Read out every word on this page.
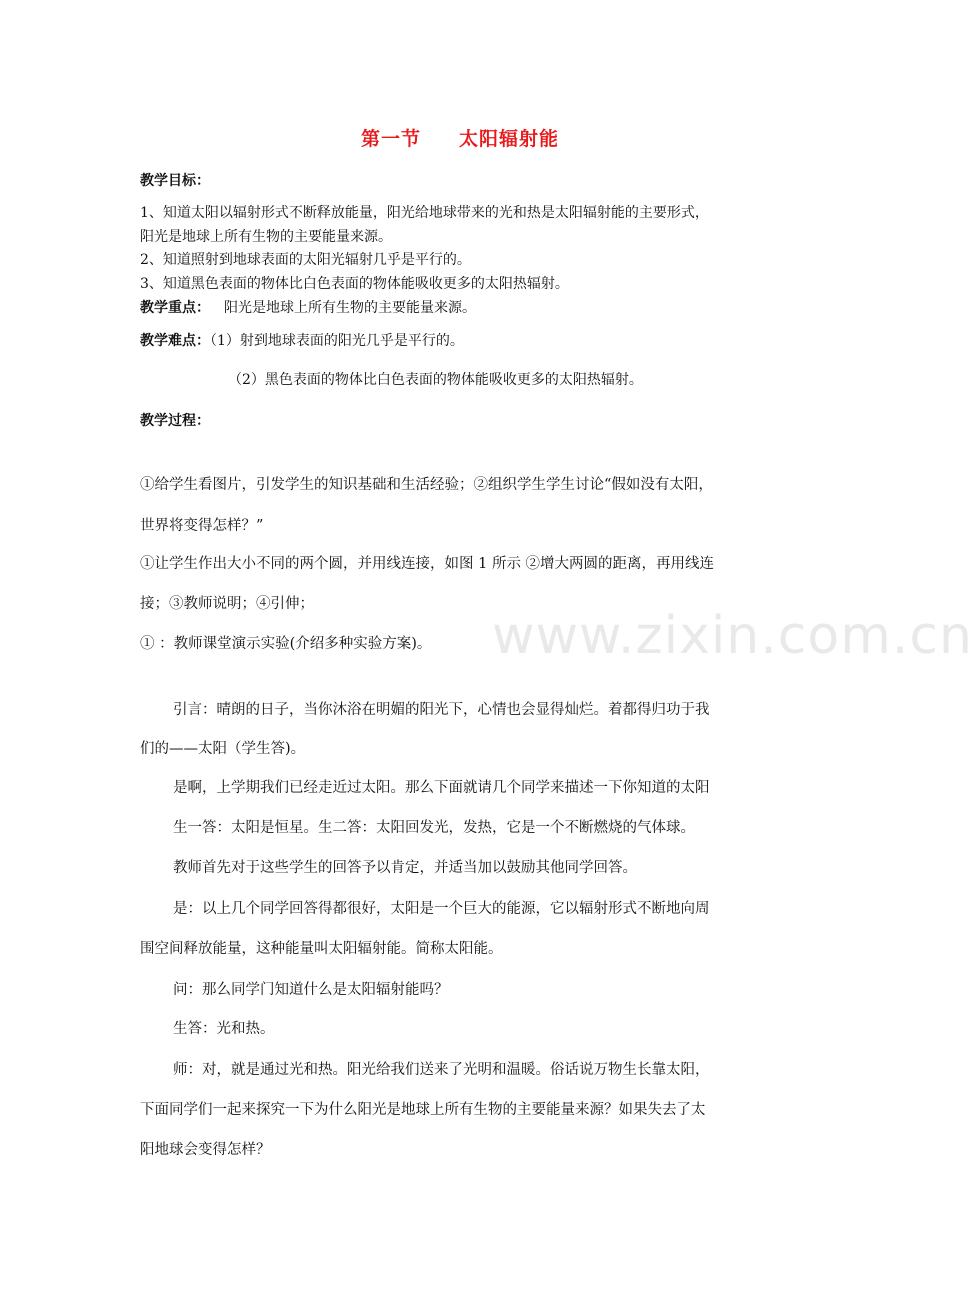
www.zixin.com.cn
第一节 太阳辐射能
教学目标：
1、知道太阳以辐射形式不断释放能量，阳光给地球带来的光和热是太阳辐射能的主要形式，
阳光是地球上所有生物的主要能量来源。
2、知道照射到地球表面的太阳光辐射几乎是平行的。
3、知道黑色表面的物体比白色表面的物体能吸收更多的太阳热辐射。
教学重点： 阳光是地球上所有生物的主要能量来源。
教学难点：（1）射到地球表面的阳光几乎是平行的。
（2）黑色表面的物体比白色表面的物体能吸收更多的太阳热辐射。
教学过程：
①给学生看图片，引发学生的知识基础和生活经验；②组织学生学生讨论“假如没有太阳，
世界将变得怎样？”
①让学生作出大小不同的两个圆，并用线连接，如图 1 所示 ②增大两圆的距离，再用线连
接；③教师说明；④引伸；
① ：教师课堂演示实验(介绍多种实验方案)。
引言：晴朗的日子，当你沐浴在明媚的阳光下，心情也会显得灿烂。着都得归功于我
们的——太阳（学生答)。
是啊，上学期我们已经走近过太阳。那么下面就请几个同学来描述一下你知道的太阳
生一答：太阳是恒星。生二答：太阳回发光，发热，它是一个不断燃烧的气体球。
教师首先对于这些学生的回答予以肯定，并适当加以鼓励其他同学回答。
是：以上几个同学回答得都很好，太阳是一个巨大的能源，它以辐射形式不断地向周
围空间释放能量，这种能量叫太阳辐射能。简称太阳能。
问：那么同学门知道什么是太阳辐射能吗？
生答：光和热。
师：对，就是通过光和热。阳光给我们送来了光明和温暖。俗话说万物生长靠太阳，
下面同学们一起来探究一下为什么阳光是地球上所有生物的主要能量来源？如果失去了太
阳地球会变得怎样？
